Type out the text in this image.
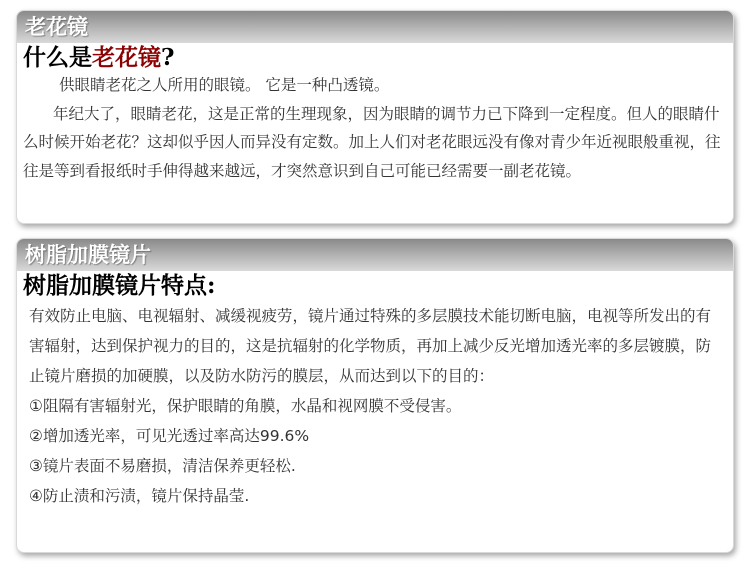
老花镜
什么是老花镜?

供眼睛老花之人所用的眼镜。 它是一种凸透镜。

年纪大了，眼睛老花，这是正常的生理现象，因为眼睛的调节力已下降到一定程度。但人的眼睛什么时候开始老花？这却似乎因人而异没有定数。加上人们对老花眼远没有像对青少年近视眼般重视，往往是等到看报纸时手伸得越来越远，才突然意识到自己可能已经需要一副老花镜。

树脂加膜镜片
树脂加膜镜片特点:

有效防止电脑、电视辐射、减缓视疲劳，镜片通过特殊的多层膜技术能切断电脑，电视等所发出的有害辐射，达到保护视力的目的，这是抗辐射的化学物质，再加上减少反光增加透光率的多层镀膜，防止镜片磨损的加硬膜，以及防水防污的膜层，从而达到以下的目的：

①阻隔有害辐射光，保护眼睛的角膜，水晶和视网膜不受侵害。

②增加透光率，可见光透过率高达99.6%

③镜片表面不易磨损，清洁保养更轻松.

④防止渍和污渍，镜片保持晶莹.
